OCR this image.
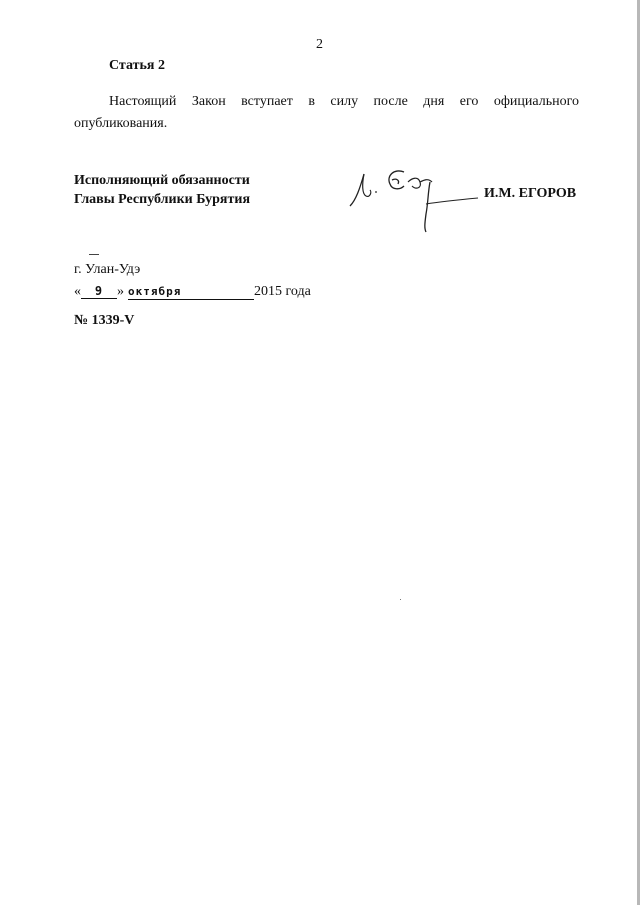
2
Статья 2

Настоящий Закон вступает в силу после дня его официального опубликования.

Исполняющий обязанности
Главы Республики Бурятия	И.М. ЕГОРОВ
г. Улан-Удэ
« 9 » октября	2015 года
№ 1339-V
